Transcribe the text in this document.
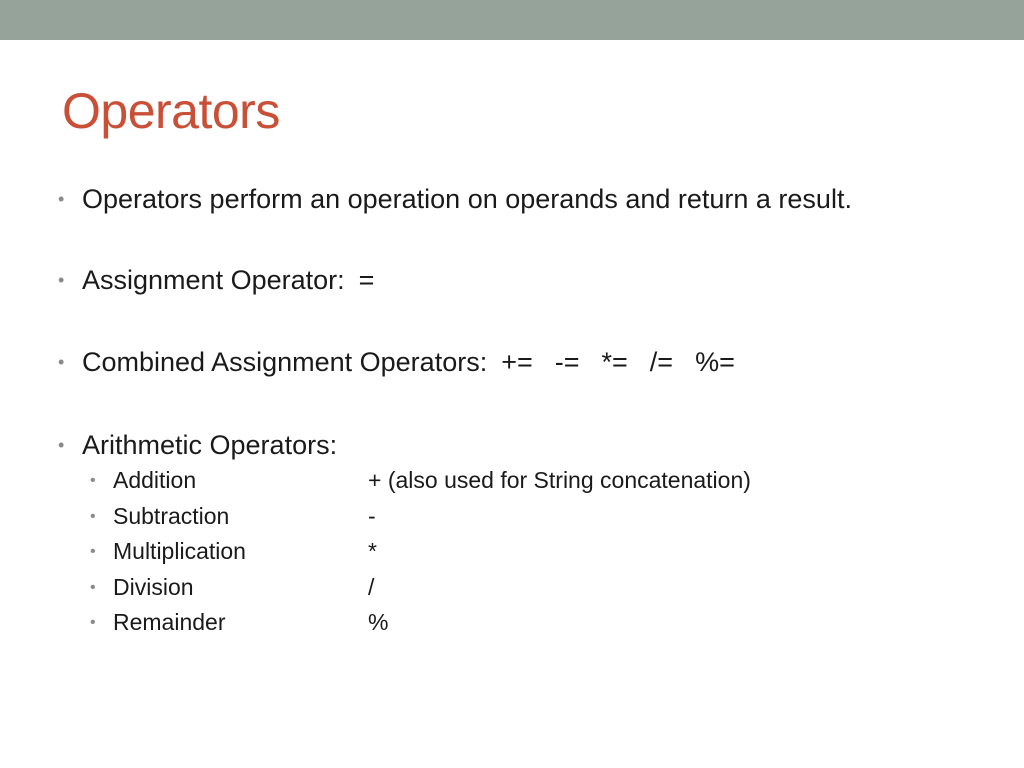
Operators
• Operators perform an operation on operands and return a result.
• Assignment Operator: =
• Combined Assignment Operators: += -= *= /= %=
• Arithmetic Operators:
• Addition	+ (also used for String concatenation)
• Subtraction	-
• Multiplication	*
• Division	/
• Remainder	%
